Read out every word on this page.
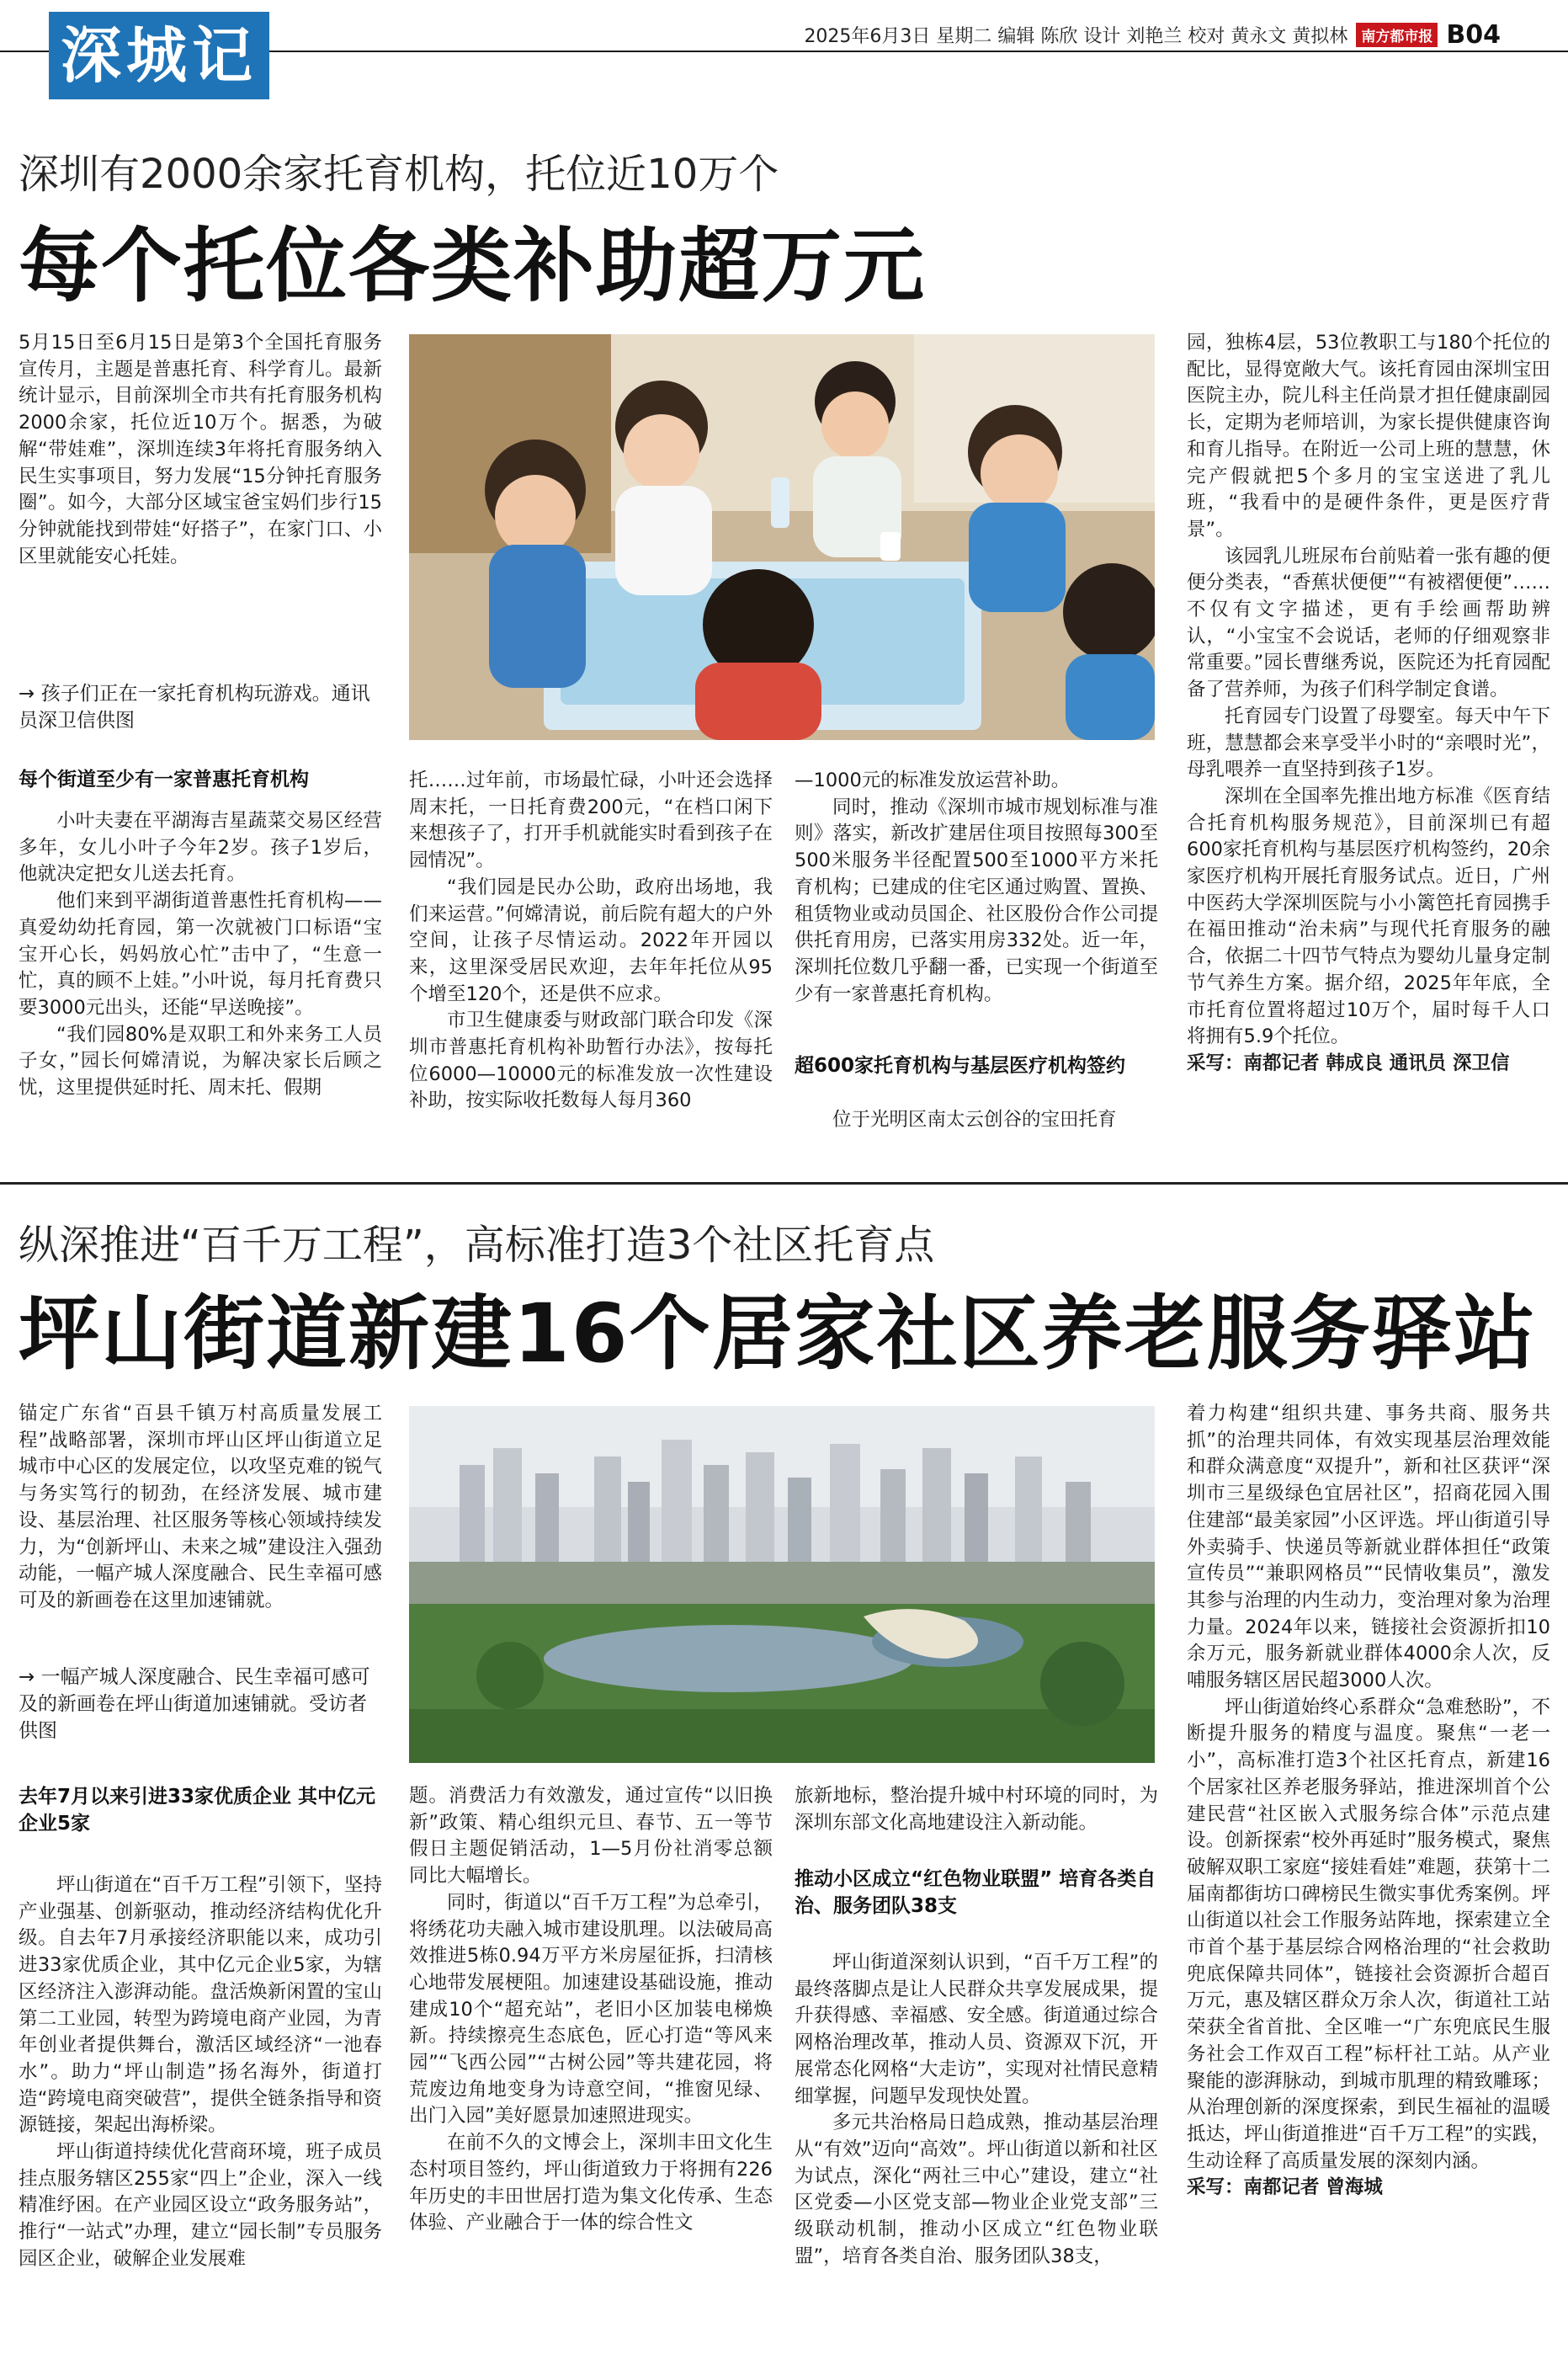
深城记	2025年6月3日 星期二 编辑 陈欣 设计 刘艳兰 校对 黄永文 黄拟林 南方都市报 B04
深圳有2000余家托育机构，托位近10万个
每个托位各类补助超万元

5月15日至6月15日是第3个全国托育服务宣传月，主题是普惠托育、科学育儿。最新统计显示，目前深圳全市共有托育服务机构2000余家，托位近10万个。据悉，为破解“带娃难”，深圳连续3年将托育服务纳入民生实事项目，努力发展“15分钟托育服务圈”。如今，大部分区域宝爸宝妈们步行15分钟就能找到带娃“好搭子”，在家门口、小区里就能安心托娃。

→ 孩子们正在一家托育机构玩游戏。通讯员深卫信供图
每个街道至少有一家普惠托育机构

小叶夫妻在平湖海吉星蔬菜交易区经营多年，女儿小叶子今年2岁。孩子1岁后，他就决定把女儿送去托育。

他们来到平湖街道普惠性托育机构——真爱幼幼托育园，第一次就被门口标语“宝宝开心长，妈妈放心忙”击中了，“生意一忙，真的顾不上娃。”小叶说，每月托育费只要3000元出头，还能“早送晚接”。

“我们园80%是双职工和外来务工人员子女，”园长何嫦清说，为解决家长后顾之忧，这里提供延时托、周末托、假期

托……过年前，市场最忙碌，小叶还会选择周末托，一日托育费200元，“在档口闲下来想孩子了，打开手机就能实时看到孩子在园情况”。

“我们园是民办公助，政府出场地，我们来运营。”何嫦清说，前后院有超大的户外空间，让孩子尽情运动。2022年开园以来，这里深受居民欢迎，去年年托位从95个增至120个，还是供不应求。

市卫生健康委与财政部门联合印发《深圳市普惠托育机构补助暂行办法》，按每托位6000—10000元的标准发放一次性建设补助，按实际收托数每人每月360

—1000元的标准发放运营补助。

同时，推动《深圳市城市规划标准与准则》落实，新改扩建居住项目按照每300至500米服务半径配置500至1000平方米托育机构；已建成的住宅区通过购置、置换、租赁物业或动员国企、社区股份合作公司提供托育用房，已落实用房332处。近一年，深圳托位数几乎翻一番，已实现一个街道至少有一家普惠托育机构。

超600家托育机构与基层医疗机构签约

位于光明区南太云创谷的宝田托育

园，独栋4层，53位教职工与180个托位的配比，显得宽敞大气。该托育园由深圳宝田医院主办，院儿科主任尚景才担任健康副园长，定期为老师培训，为家长提供健康咨询和育儿指导。在附近一公司上班的慧慧，休完产假就把5个多月的宝宝送进了乳儿班，“我看中的是硬件条件，更是医疗背景”。

该园乳儿班尿布台前贴着一张有趣的便便分类表，“香蕉状便便”“有被褶便便”……不仅有文字描述，更有手绘画帮助辨认，“小宝宝不会说话，老师的仔细观察非常重要。”园长曹继秀说，医院还为托育园配备了营养师，为孩子们科学制定食谱。

托育园专门设置了母婴室。每天中午下班，慧慧都会来享受半小时的“亲喂时光”，母乳喂养一直坚持到孩子1岁。

深圳在全国率先推出地方标准《医育结合托育机构服务规范》，目前深圳已有超600家托育机构与基层医疗机构签约，20余家医疗机构开展托育服务试点。近日，广州中医药大学深圳医院与小小篱笆托育园携手在福田推动“治未病”与现代托育服务的融合，依据二十四节气特点为婴幼儿量身定制节气养生方案。据介绍，2025年年底，全市托育位置将超过10万个，届时每千人口将拥有5.9个托位。

采写：南都记者 韩成良 通讯员 深卫信

纵深推进“百千万工程”，高标准打造3个社区托育点
坪山街道新建16个居家社区养老服务驿站

锚定广东省“百县千镇万村高质量发展工程”战略部署，深圳市坪山区坪山街道立足城市中心区的发展定位，以攻坚克难的锐气与务实笃行的韧劲，在经济发展、城市建设、基层治理、社区服务等核心领域持续发力，为“创新坪山、未来之城”建设注入强劲动能，一幅产城人深度融合、民生幸福可感可及的新画卷在这里加速铺就。

→ 一幅产城人深度融合、民生幸福可感可及的新画卷在坪山街道加速铺就。受访者供图
去年7月以来引进33家优质企业 其中亿元企业5家

坪山街道在“百千万工程”引领下，坚持产业强基、创新驱动，推动经济结构优化升级。自去年7月承接经济职能以来，成功引进33家优质企业，其中亿元企业5家，为辖区经济注入澎湃动能。盘活焕新闲置的宝山第二工业园，转型为跨境电商产业园，为青年创业者提供舞台，激活区域经济“一池春水”。助力“坪山制造”扬名海外，街道打造“跨境电商突破营”，提供全链条指导和资源链接，架起出海桥梁。

坪山街道持续优化营商环境，班子成员挂点服务辖区255家“四上”企业，深入一线精准纾困。在产业园区设立“政务服务站”，推行“一站式”办理，建立“园长制”专员服务园区企业，破解企业发展难

题。消费活力有效激发，通过宣传“以旧换新”政策、精心组织元旦、春节、五一等节假日主题促销活动，1—5月份社消零总额同比大幅增长。

同时，街道以“百千万工程”为总牵引，将绣花功夫融入城市建设肌理。以法破局高效推进5栋0.94万平方米房屋征拆，扫清核心地带发展梗阻。加速建设基础设施，推动建成10个“超充站”，老旧小区加装电梯焕新。持续擦亮生态底色，匠心打造“等风来园”“飞西公园”“古树公园”等共建花园，将荒废边角地变身为诗意空间，“推窗见绿、出门入园”美好愿景加速照进现实。

在前不久的文博会上，深圳丰田文化生态村项目签约，坪山街道致力于将拥有226年历史的丰田世居打造为集文化传承、生态体验、产业融合于一体的综合性文

旅新地标，整治提升城中村环境的同时，为深圳东部文化高地建设注入新动能。

推动小区成立“红色物业联盟” 培育各类自治、服务团队38支

坪山街道深刻认识到，“百千万工程”的最终落脚点是让人民群众共享发展成果，提升获得感、幸福感、安全感。街道通过综合网格治理改革，推动人员、资源双下沉，开展常态化网格“大走访”，实现对社情民意精细掌握，问题早发现快处置。

多元共治格局日趋成熟，推动基层治理从“有效”迈向“高效”。坪山街道以新和社区为试点，深化“两社三中心”建设，建立“社区党委—小区党支部—物业企业党支部”三级联动机制，推动小区成立“红色物业联盟”，培育各类自治、服务团队38支，

着力构建“组织共建、事务共商、服务共抓”的治理共同体，有效实现基层治理效能和群众满意度“双提升”，新和社区获评“深圳市三星级绿色宜居社区”，招商花园入围住建部“最美家园”小区评选。坪山街道引导外卖骑手、快递员等新就业群体担任“政策宣传员”“兼职网格员”“民情收集员”，激发其参与治理的内生动力，变治理对象为治理力量。2024年以来，链接社会资源折扣10余万元，服务新就业群体4000余人次，反哺服务辖区居民超3000人次。

坪山街道始终心系群众“急难愁盼”，不断提升服务的精度与温度。聚焦“一老一小”，高标准打造3个社区托育点，新建16个居家社区养老服务驿站，推进深圳首个公建民营“社区嵌入式服务综合体”示范点建设。创新探索“校外再延时”服务模式，聚焦破解双职工家庭“接娃看娃”难题，获第十二届南都街坊口碑榜民生微实事优秀案例。坪山街道以社会工作服务站阵地，探索建立全市首个基于基层综合网格治理的“社会救助兜底保障共同体”，链接社会资源折合超百万元，惠及辖区群众万余人次，街道社工站荣获全省首批、全区唯一“广东兜底民生服务社会工作双百工程”标杆社工站。从产业聚能的澎湃脉动，到城市肌理的精致雕琢；从治理创新的深度探索，到民生福祉的温暖抵达，坪山街道推进“百千万工程”的实践，生动诠释了高质量发展的深刻内涵。

采写：南都记者 曾海城
